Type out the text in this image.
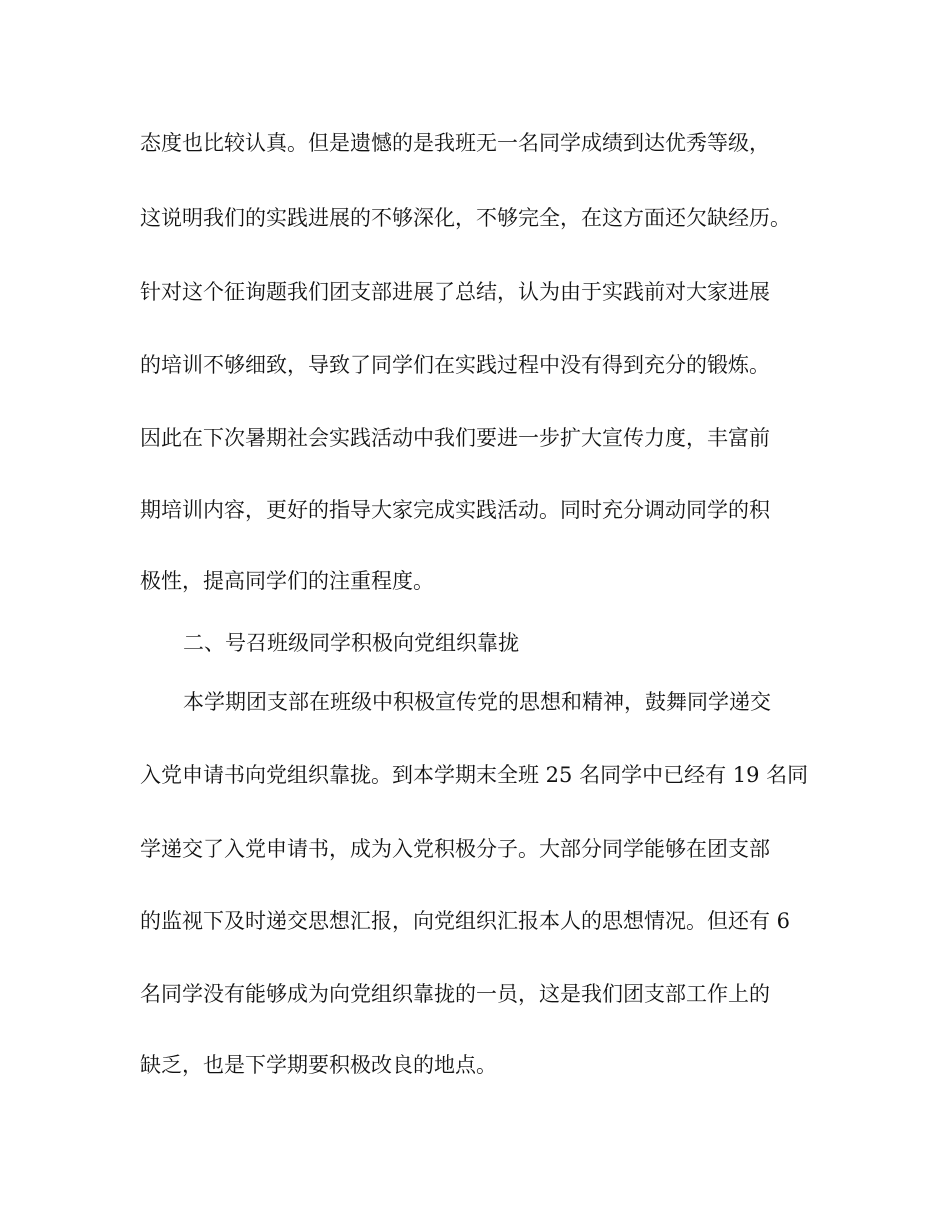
态度也比较认真。但是遗憾的是我班无一名同学成绩到达优秀等级，
这说明我们的实践进展的不够深化，不够完全，在这方面还欠缺经历。
针对这个征询题我们团支部进展了总结，认为由于实践前对大家进展
的培训不够细致，导致了同学们在实践过程中没有得到充分的锻炼。
因此在下次暑期社会实践活动中我们要进一步扩大宣传力度，丰富前
期培训内容，更好的指导大家完成实践活动。同时充分调动同学的积
极性，提高同学们的注重程度。
二、号召班级同学积极向党组织靠拢
本学期团支部在班级中积极宣传党的思想和精神，鼓舞同学递交
入党申请书向党组织靠拢。到本学期末全班 25 名同学中已经有 19 名同
学递交了入党申请书，成为入党积极分子。大部分同学能够在团支部
的监视下及时递交思想汇报，向党组织汇报本人的思想情况。但还有 6
名同学没有能够成为向党组织靠拢的一员，这是我们团支部工作上的
缺乏，也是下学期要积极改良的地点。
